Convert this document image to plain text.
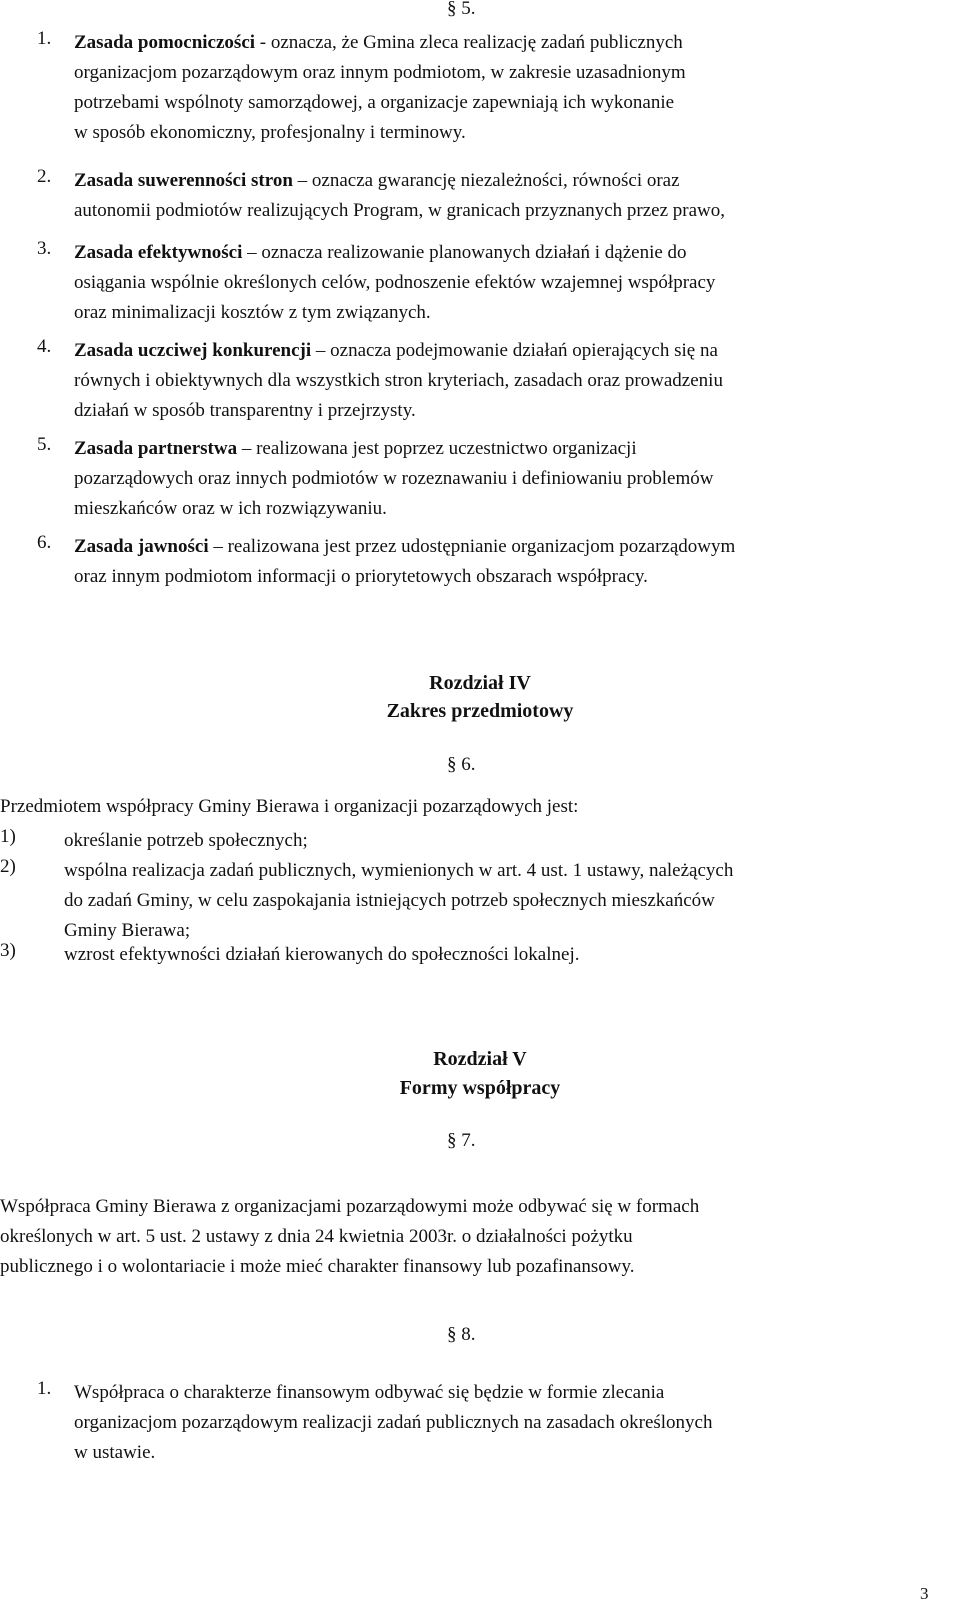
§ 5.
1. Zasada pomocniczości - oznacza, że Gmina zleca realizację zadań publicznych
organizacjom pozarządowym oraz innym podmiotom, w zakresie uzasadnionym
potrzebami wspólnoty samorządowej, a organizacje zapewniają ich wykonanie
w sposób ekonomiczny, profesjonalny i terminowy.
2. Zasada suwerenności stron – oznacza gwarancję niezależności, równości oraz
autonomii podmiotów realizujących Program, w granicach przyznanych przez prawo,
3. Zasada efektywności – oznacza realizowanie planowanych działań i dążenie do
osiągania wspólnie określonych celów, podnoszenie efektów wzajemnej współpracy
oraz minimalizacji kosztów z tym związanych.
4. Zasada uczciwej konkurencji – oznacza podejmowanie działań opierających się na
równych i obiektywnych dla wszystkich stron kryteriach, zasadach oraz prowadzeniu
działań w sposób transparentny i przejrzysty.
5. Zasada partnerstwa – realizowana jest poprzez uczestnictwo organizacji
pozarządowych oraz innych podmiotów w rozeznawaniu i definiowaniu problemów
mieszkańców oraz w ich rozwiązywaniu.
6. Zasada jawności – realizowana jest przez udostępnianie organizacjom pozarządowym
oraz innym podmiotom informacji o priorytetowych obszarach współpracy.
Rozdział IV
Zakres przedmiotowy
§ 6.
Przedmiotem współpracy Gminy Bierawa i organizacji pozarządowych jest:
1)	określanie potrzeb społecznych;
2)	wspólna realizacja zadań publicznych, wymienionych w art. 4 ust. 1 ustawy, należących
do zadań Gminy, w celu zaspokajania istniejących potrzeb społecznych mieszkańców
Gminy Bierawa;
3)	wzrost efektywności działań kierowanych do społeczności lokalnej.
Rozdział V
Formy współpracy
§ 7.
Współpraca Gminy Bierawa z organizacjami pozarządowymi może odbywać się w formach
określonych w art. 5 ust. 2 ustawy z dnia 24 kwietnia 2003r. o działalności pożytku
publicznego i o wolontariacie i może mieć charakter finansowy lub pozafinansowy.
§ 8.
1. Współpraca o charakterze finansowym odbywać się będzie w formie zlecania
organizacjom pozarządowym realizacji zadań publicznych na zasadach określonych
w ustawie.
3
